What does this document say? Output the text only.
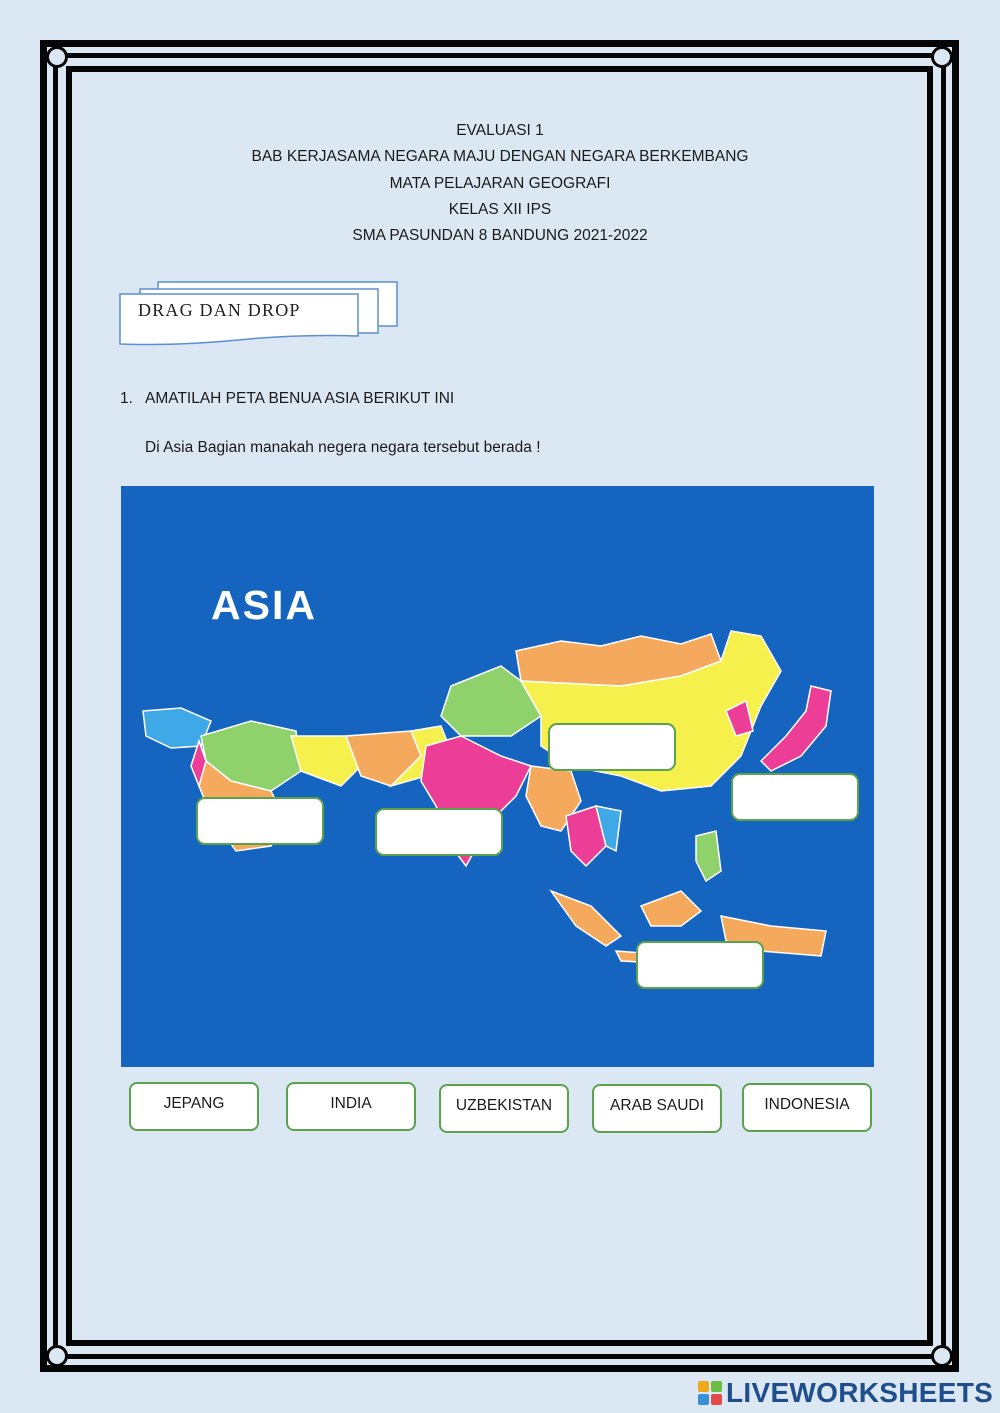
EVALUASI 1
BAB KERJASAMA NEGARA MAJU DENGAN NEGARA BERKEMBANG
MATA PELAJARAN GEOGRAFI
KELAS XII IPS
SMA PASUNDAN 8 BANDUNG 2021-2022
DRAG DAN DROP
1. AMATILAH PETA BENUA ASIA BERIKUT INI
Di Asia Bagian manakah negera negara tersebut berada !
ASIA
JEPANG	INDIA	UZBEKISTAN	ARAB SAUDI	INDONESIA
LIVEWORKSHEETS
